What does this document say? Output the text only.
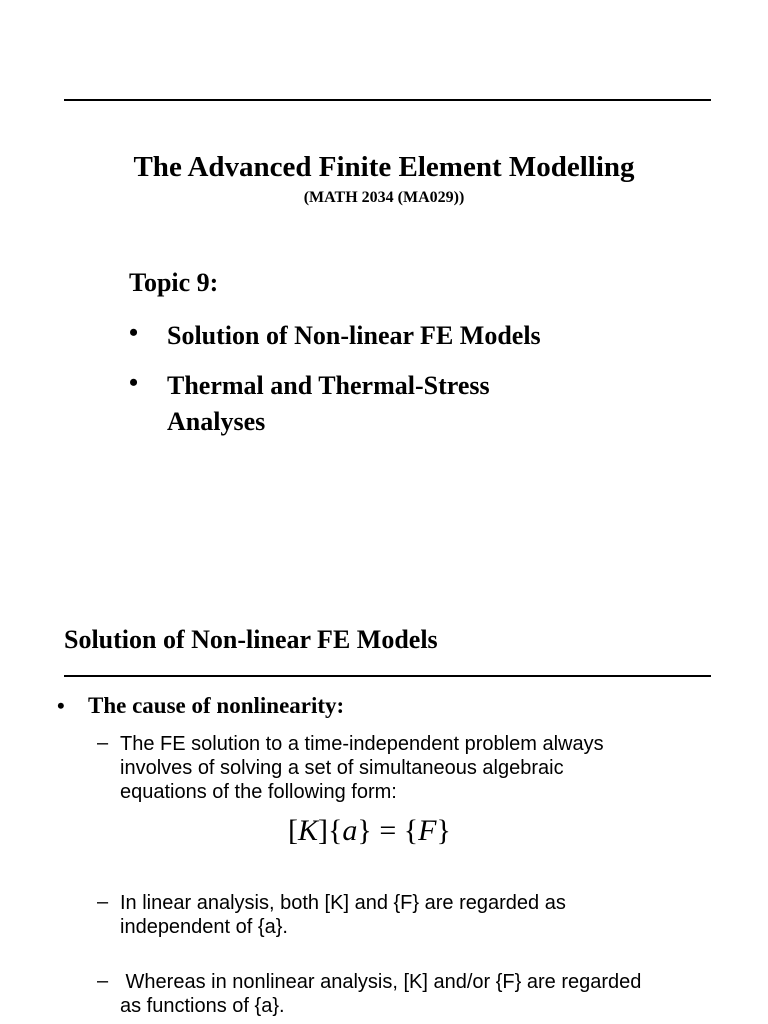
The Advanced Finite Element Modelling
(MATH 2034 (MA029))
Topic 9:
• Solution of Non-linear FE Models
• Thermal and Thermal-Stress
Analyses
Solution of Non-linear FE Models
• The cause of nonlinearity:
– The FE solution to a time-independent problem always
involves of solving a set of simultaneous algebraic
equations of the following form:
[K]{a} = {F}
– In linear analysis, both [K] and {F} are regarded as
independent of {a}.
– Whereas in nonlinear analysis, [K] and/or {F} are regarded
as functions of {a}.
